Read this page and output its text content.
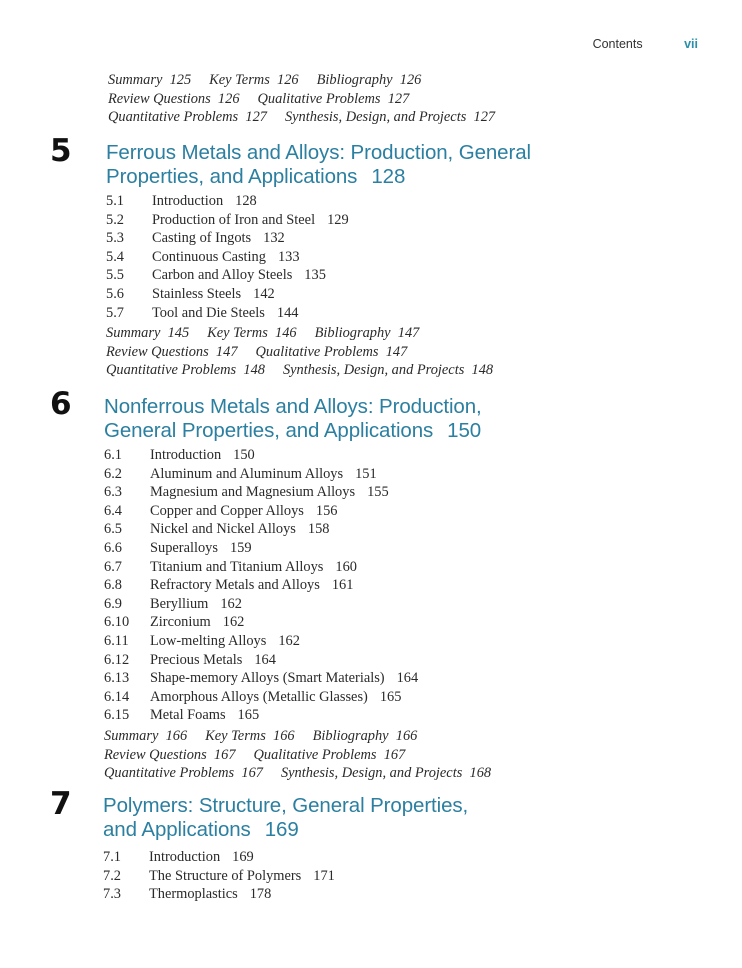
Contents	vii
Summary 125 Key Terms 126 Bibliography 126
Review Questions 126 Qualitative Problems 127
Quantitative Problems 127 Synthesis, Design, and Projects 127
5 Ferrous Metals and Alloys: Production, General
Properties, and Applications 128
5.1 Introduction 128
5.2 Production of Iron and Steel 129
5.3 Casting of Ingots 132
5.4 Continuous Casting 133
5.5 Carbon and Alloy Steels 135
5.6 Stainless Steels 142
5.7 Tool and Die Steels 144
Summary 145 Key Terms 146 Bibliography 147
Review Questions 147 Qualitative Problems 147
Quantitative Problems 148 Synthesis, Design, and Projects 148
6 Nonferrous Metals and Alloys: Production,
General Properties, and Applications 150
6.1 Introduction 150
6.2 Aluminum and Aluminum Alloys 151
6.3 Magnesium and Magnesium Alloys 155
6.4 Copper and Copper Alloys 156
6.5 Nickel and Nickel Alloys 158
6.6 Superalloys 159
6.7 Titanium and Titanium Alloys 160
6.8 Refractory Metals and Alloys 161
6.9 Beryllium 162
6.10 Zirconium 162
6.11 Low-melting Alloys 162
6.12 Precious Metals 164
6.13 Shape-memory Alloys (Smart Materials) 164
6.14 Amorphous Alloys (Metallic Glasses) 165
6.15 Metal Foams 165
Summary 166 Key Terms 166 Bibliography 166
Review Questions 167 Qualitative Problems 167
Quantitative Problems 167 Synthesis, Design, and Projects 168
7 Polymers: Structure, General Properties,
and Applications 169
7.1 Introduction 169
7.2 The Structure of Polymers 171
7.3 Thermoplastics 178
